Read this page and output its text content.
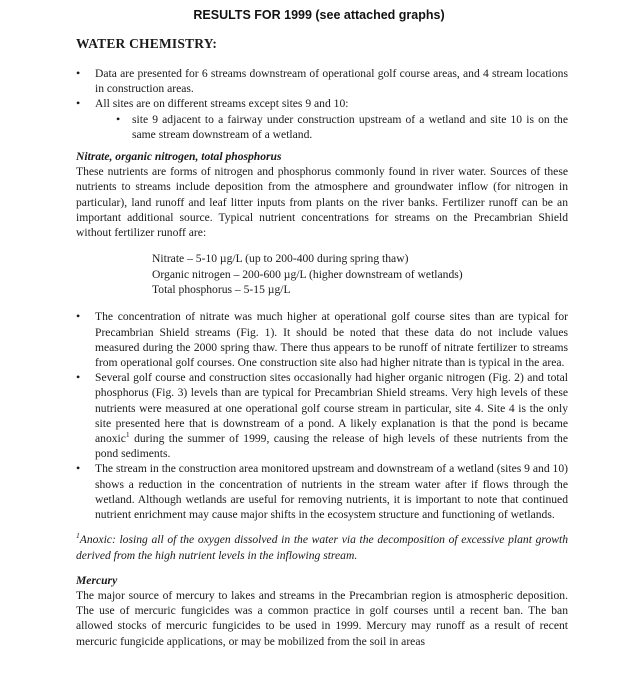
RESULTS FOR 1999 (see attached graphs)
WATER CHEMISTRY:
• Data are presented for 6 streams downstream of operational golf course areas, and 4 stream locations in construction areas.
• All sites are on different streams except sites 9 and 10:
• site 9 adjacent to a fairway under construction upstream of a wetland and site 10 is on the same stream downstream of a wetland.
Nitrate, organic nitrogen, total phosphorus

These nutrients are forms of nitrogen and phosphorus commonly found in river water. Sources of these nutrients to streams include deposition from the atmosphere and groundwater inflow (for nitrogen in particular), land runoff and leaf litter inputs from plants on the river banks. Fertilizer runoff can be an important additional source. Typical nutrient concentrations for streams on the Precambrian Shield without fertilizer runoff are:

Nitrate – 5-10 µg/L (up to 200-400 during spring thaw)
Organic nitrogen – 200-600 µg/L (higher downstream of wetlands)
Total phosphorus – 5-15 µg/L
• The concentration of nitrate was much higher at operational golf course sites than are typical for Precambrian Shield streams (Fig. 1). It should be noted that these data do not include values measured during the 2000 spring thaw. There thus appears to be runoff of nitrate fertilizer to streams from operational golf courses. One construction site also had higher nitrate than is typical in the area.
• Several golf course and construction sites occasionally had higher organic nitrogen (Fig. 2) and total phosphorus (Fig. 3) levels than are typical for Precambrian Shield streams. Very high levels of these nutrients were measured at one operational golf course stream in particular, site 4. Site 4 is the only site presented here that is downstream of a pond. A likely explanation is that the pond is became anoxic$^1$ during the summer of 1999, causing the release of high levels of these nutrients from the pond sediments.
• The stream in the construction area monitored upstream and downstream of a wetland (sites 9 and 10) shows a reduction in the concentration of nutrients in the stream water after if flows through the wetland. Although wetlands are useful for removing nutrients, it is important to note that continued nutrient enrichment may cause major shifts in the ecosystem structure and functioning of wetlands.
$^1$Anoxic: losing all of the oxygen dissolved in the water via the decomposition of excessive plant growth derived from the high nutrient levels in the inflowing stream.
Mercury

The major source of mercury to lakes and streams in the Precambrian region is atmospheric deposition. The use of mercuric fungicides was a common practice in golf courses until a recent ban. The ban allowed stocks of mercuric fungicides to be used in 1999. Mercury may runoff as a result of recent mercuric fungicide applications, or may be mobilized from the soil in areas
